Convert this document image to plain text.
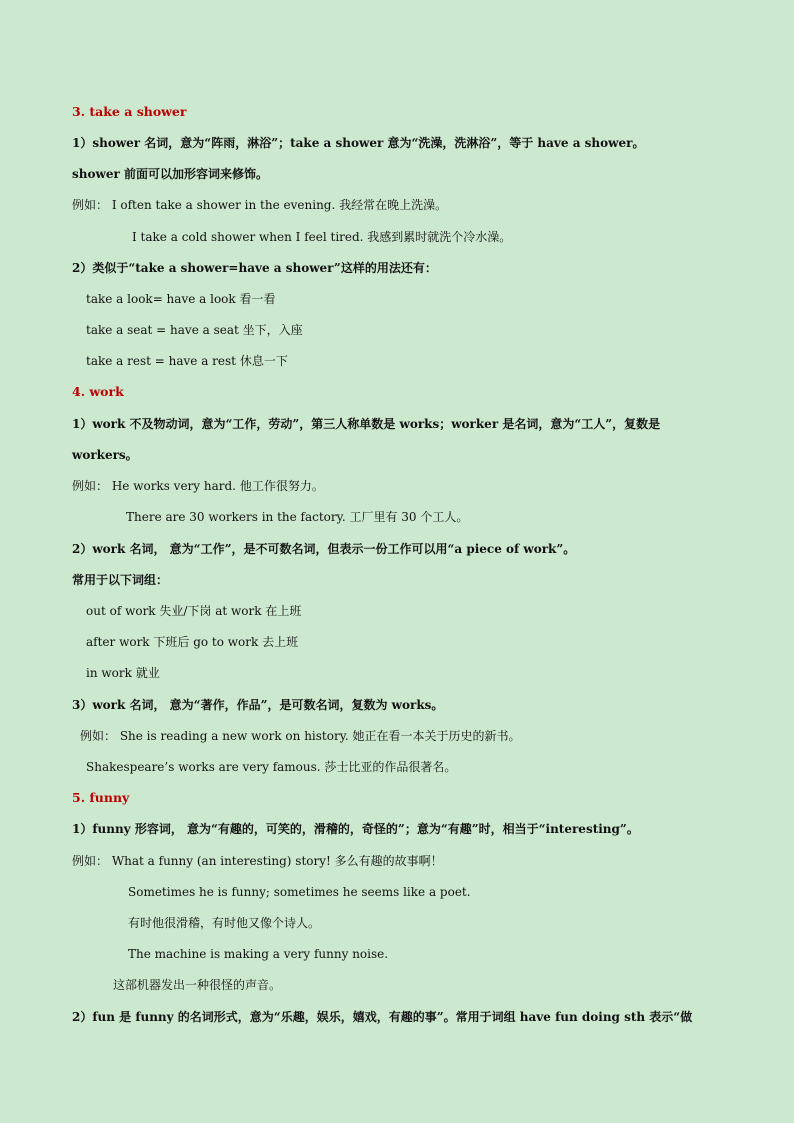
3. take a shower
1）shower 名词，意为“阵雨，淋浴”；take a shower 意为“洗澡，洗淋浴”，等于 have a shower。
shower 前面可以加形容词来修饰。
例如： I often take a shower in the evening. 我经常在晚上洗澡。
I take a cold shower when I feel tired. 我感到累时就洗个冷水澡。
2）类似于“take a shower=have a shower”这样的用法还有：
take a look= have a look 看一看
take a seat = have a seat 坐下，入座
take a rest = have a rest 休息一下
4. work
1）work 不及物动词，意为“工作，劳动”，第三人称单数是 works；worker 是名词，意为“工人”，复数是
workers。
例如： He works very hard. 他工作很努力。
There are 30 workers in the factory. 工厂里有 30 个工人。
2）work 名词， 意为“工作”，是不可数名词，但表示一份工作可以用“a piece of work”。
常用于以下词组：
out of work 失业/下岗 at work 在上班
after work 下班后 go to work 去上班
in work 就业
3）work 名词， 意为“著作，作品”，是可数名词，复数为 works。
例如： She is reading a new work on history. 她正在看一本关于历史的新书。
Shakespeare’s works are very famous. 莎士比亚的作品很著名。
5. funny
1）funny 形容词， 意为“有趣的，可笑的，滑稽的，奇怪的”；意为“有趣”时，相当于“interesting”。
例如： What a funny (an interesting) story! 多么有趣的故事啊！
Sometimes he is funny; sometimes he seems like a poet.
有时他很滑稽，有时他又像个诗人。
The machine is making a very funny noise.
这部机器发出一种很怪的声音。
2）fun 是 funny 的名词形式，意为“乐趣，娱乐，嬉戏，有趣的事”。常用于词组 have fun doing sth 表示“做
